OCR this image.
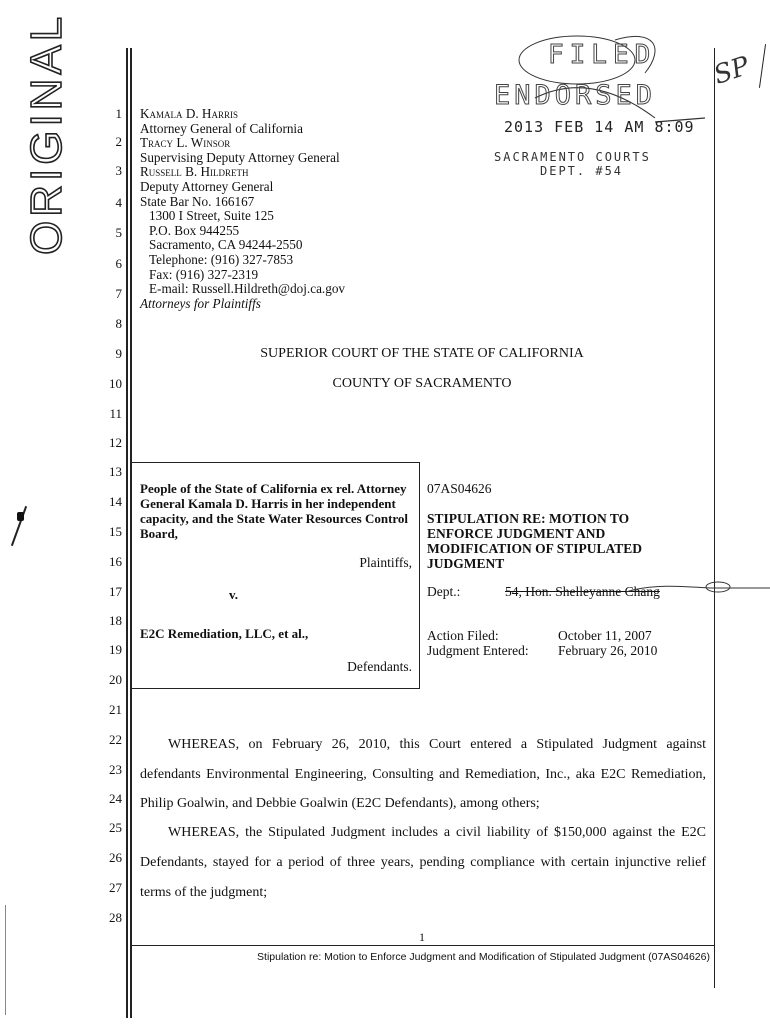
ORIGINAL	1
2
3
4
5
6
7
8
9
10
11
12
13
14
15
16
17
18
19
20
21
22
23
24
25
26
27
28
FILED
ENDORSED
2013 FEB 14 AM 8:09
SACRAMENTO COURTS
DEPT. #54
SP
Kamala D. Harris
Attorney General of California
Tracy L. Winsor
Supervising Deputy Attorney General
Russell B. Hildreth
Deputy Attorney General
State Bar No. 166167
1300 I Street, Suite 125
P.O. Box 944255
Sacramento, CA 94244-2550
Telephone: (916) 327-7853
Fax: (916) 327-2319
E-mail: Russell.Hildreth@doj.ca.gov
Attorneys for Plaintiffs
SUPERIOR COURT OF THE STATE OF CALIFORNIA
COUNTY OF SACRAMENTO
People of the State of California ex rel. Attorney General Kamala D. Harris in her independent capacity, and the State Water Resources Control Board,
Plaintiffs,
v.
E2C Remediation, LLC, et al.,
Defendants.
07AS04626
STIPULATION RE: MOTION TO ENFORCE JUDGMENT AND MODIFICATION OF STIPULATED JUDGMENT
Dept.:	54, Hon. Shelleyanne Chang
Action Filed:	October 11, 2007
Judgment Entered: February 26, 2010
WHEREAS, on February 26, 2010, this Court entered a Stipulated Judgment against
defendants Environmental Engineering, Consulting and Remediation, Inc., aka E2C Remediation,
Philip Goalwin, and Debbie Goalwin (E2C Defendants), among others;
WHEREAS, the Stipulated Judgment includes a civil liability of $150,000 against the E2C
Defendants, stayed for a period of three years, pending compliance with certain injunctive relief
terms of the judgment;
1
Stipulation re: Motion to Enforce Judgment and Modification of Stipulated Judgment (07AS04626)
